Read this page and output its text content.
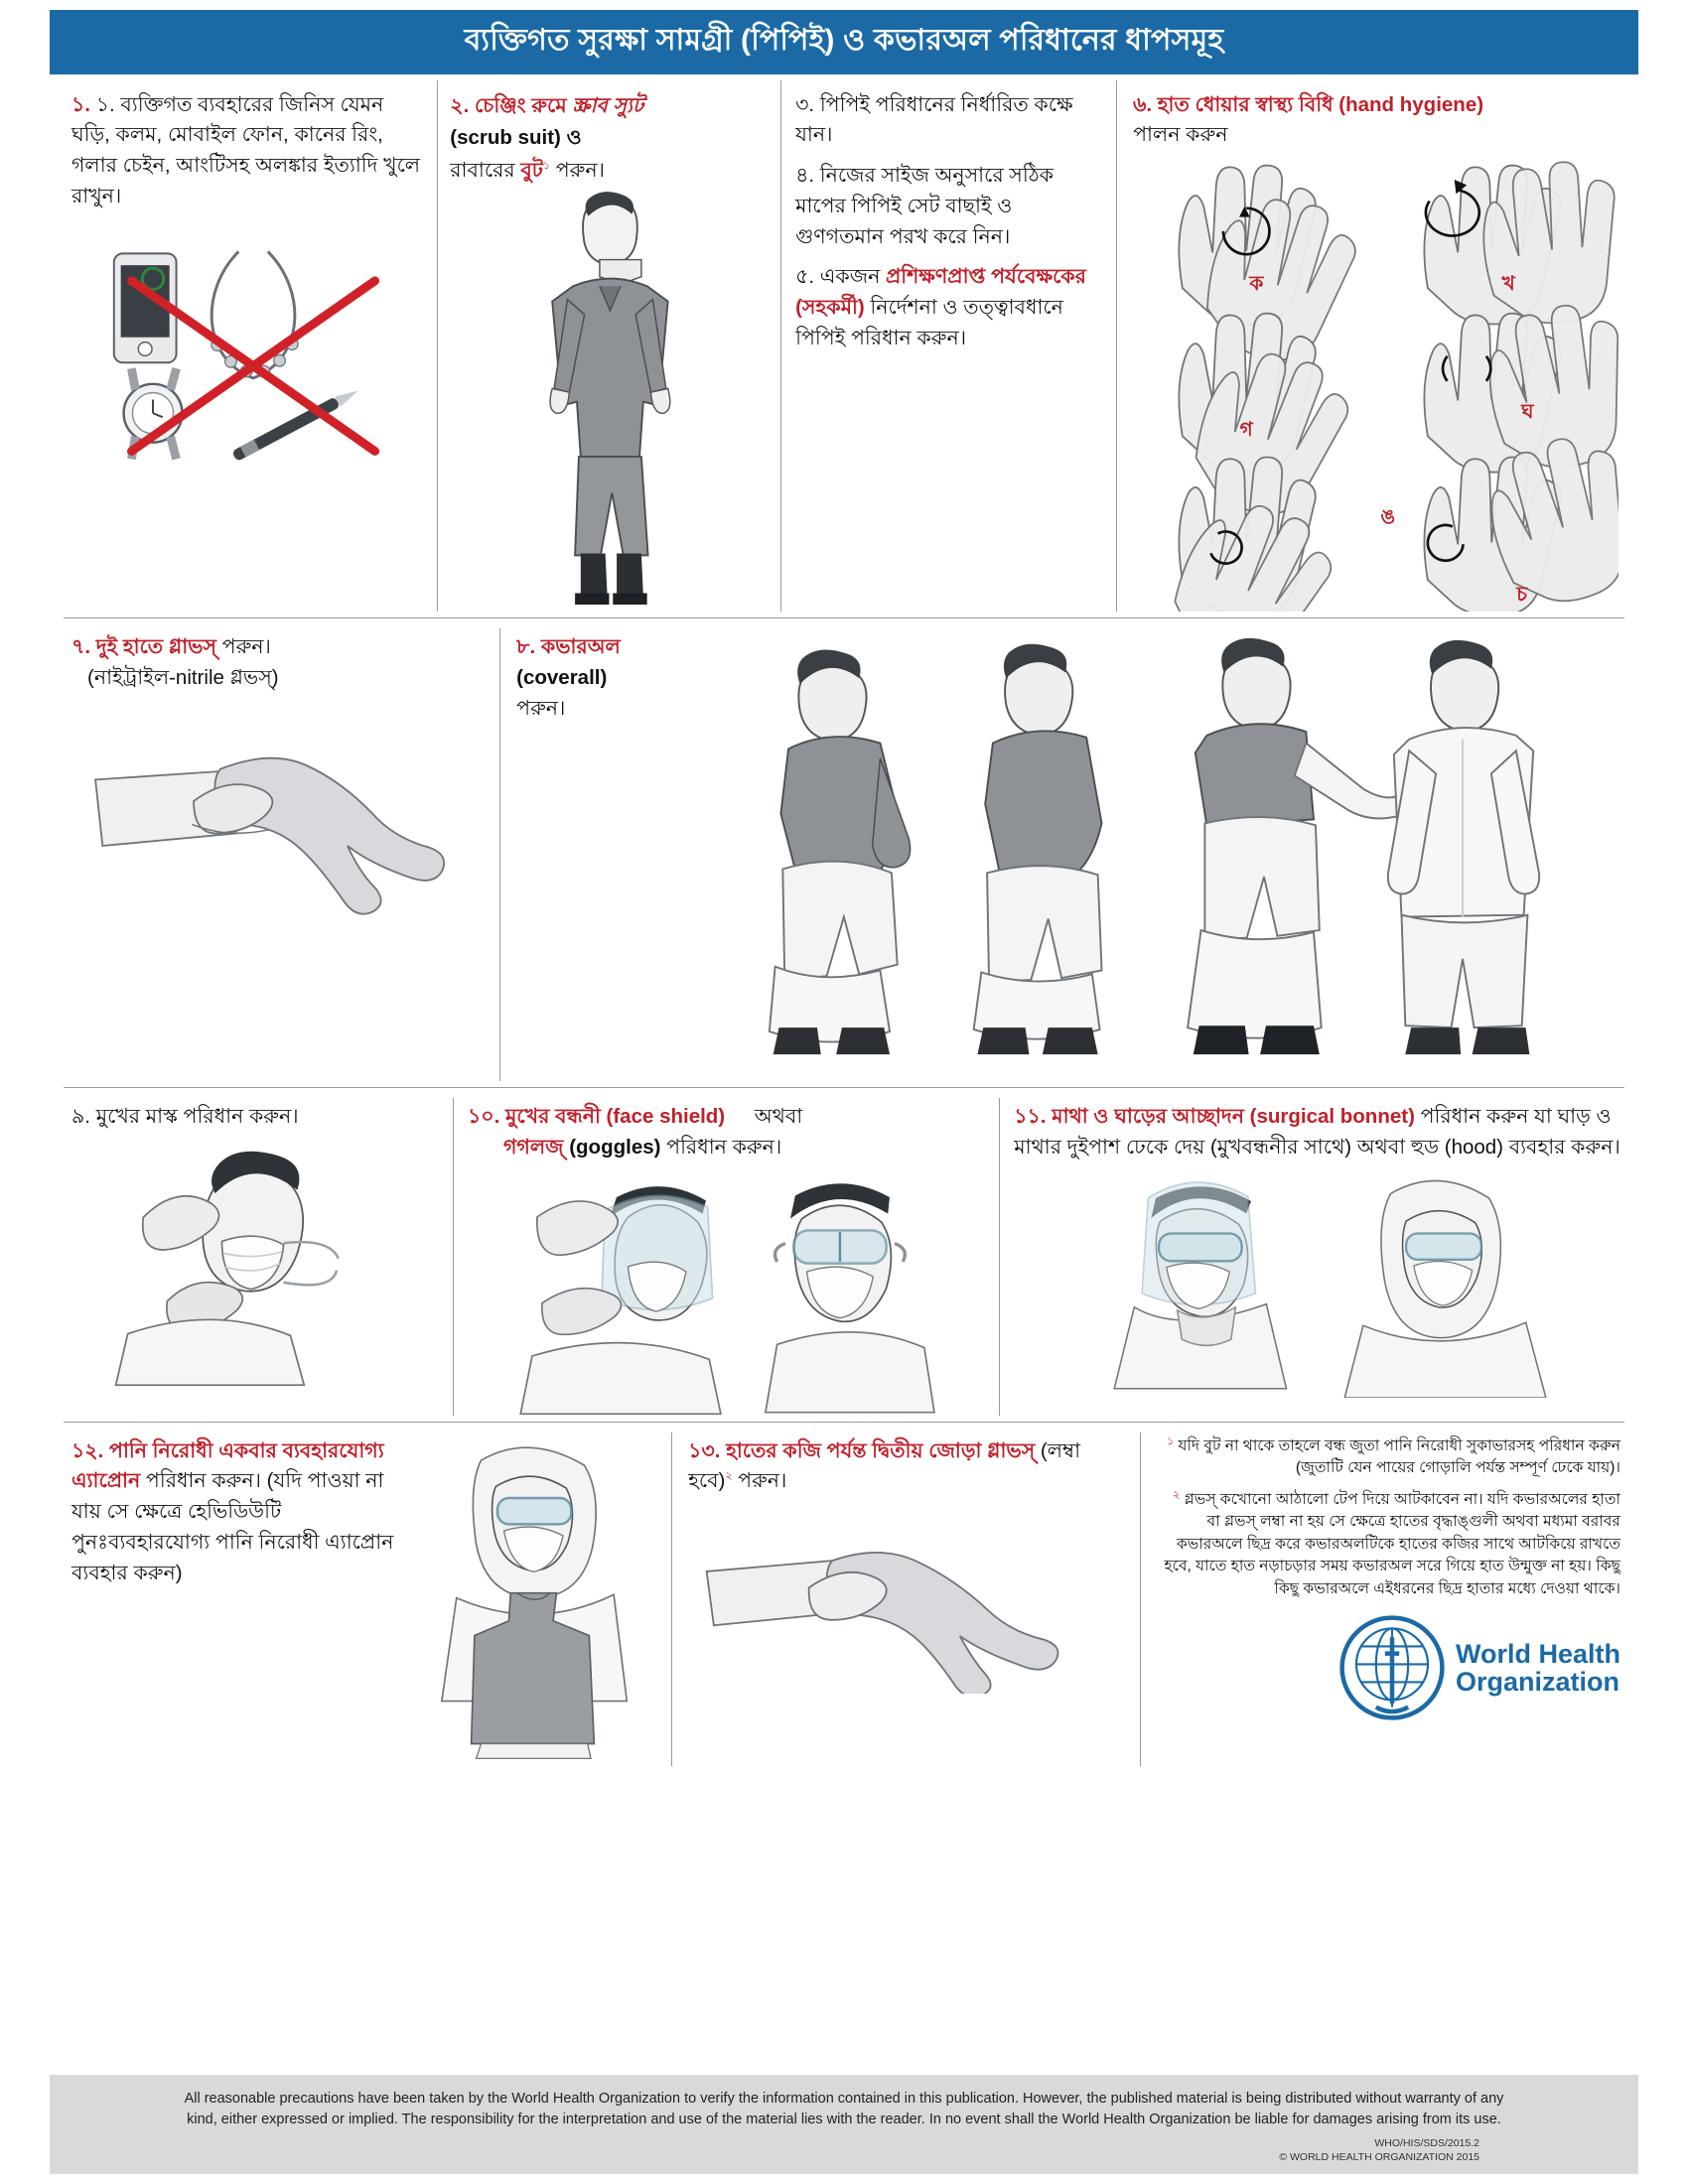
ব্যক্তিগত সুরক্ষা সামগ্রী (পিপিই) ও কভারঅল পরিধানের ধাপসমূহ
১. ১. ব্যক্তিগত ব্যবহারের জিনিস যেমন ঘড়ি, কলম, মোবাইল ফোন, কানের রিং, গলার চেইন, আংটিসহ অলঙ্কার ইত্যাদি খুলে রাখুন।
২. চেঞ্জিং রুমে স্ক্রাব স্যুট
(scrub suit) ও
রাবারের বুট$^১$ পরুন।
৩. পিপিই পরিধানের নির্ধারিত কক্ষে যান।
৪. নিজের সাইজ অনুসারে সঠিক মাপের পিপিই সেট বাছাই ও গুণগতমান পরখ করে নিন।
৫. একজন প্রশিক্ষণপ্রাপ্ত পর্যবেক্ষকের (সহকর্মী) নির্দেশনা ও তত্ত্বাবধানে পিপিই পরিধান করুন।
৬. হাত ধোয়ার স্বাস্থ্য বিধি (hand hygiene)
পালন করুন
ক	খ
গ
ঘ
ঙ
চ
৭. দুই হাতে গ্লাভস্ পরুন।
(নাইট্রাইল-nitrile গ্লভস্)
৮. কভারঅল
(coverall)
পরুন।
৯. মুখের মাস্ক পরিধান করুন।	১০. মুখের বন্ধনী (face shield) অথবা
গগলজ্ (goggles) পরিধান করুন।
১১. মাথা ও ঘাড়ের আচ্ছাদন (surgical bonnet) পরিধান করুন যা ঘাড় ও মাথার দুইপাশ ঢেকে দেয় (মুখবন্ধনীর সাথে) অথবা হুড (hood) ব্যবহার করুন।
১২. পানি নিরোধী একবার ব্যবহারযোগ্য এ্যাপ্রোন পরিধান করুন। (যদি পাওয়া না যায় সে ক্ষেত্রে হেভিডিউটি পুনঃব্যবহারযোগ্য পানি নিরোধী এ্যাপ্রোন ব্যবহার করুন)
১৩. হাতের কজি পর্যন্ত দ্বিতীয় জোড়া গ্লাভস্ (লম্বা হবে)$^২$ পরুন।
$^১$ যদি বুট না থাকে তাহলে বন্ধ জুতা পানি নিরোধী সুকাভারসহ পরিধান করুন (জুতাটি যেন পায়ের গোড়ালি পর্যন্ত সম্পূর্ণ ঢেকে যায়)।
$^২$ গ্লভস্ কখোনো আঠালো টেপ দিয়ে আটকাবেন না। যদি কভারঅলের হাতা বা গ্লভস্ লম্বা না হয় সে ক্ষেত্রে হাতের বৃদ্ধাঙ্গুলী অথবা মধ্যমা বরাবর কভারঅলে ছিদ্র করে কভারঅলটিকে হাতের কজির সাথে আটকিয়ে রাখতে হবে, যাতে হাত নড়াচড়ার সময় কভারঅল সরে গিয়ে হাত উন্মুক্ত না হয়। কিছু কিছু কভারঅলে এইধরনের ছিদ্র হাতার মধ্যে দেওয়া থাকে।
World Health
Organization
All reasonable precautions have been taken by the World Health Organization to verify the information contained in this publication. However, the published material is being distributed without warranty of any kind, either expressed or implied. The responsibility for the interpretation and use of the material lies with the reader. In no event shall the World Health Organization be liable for damages arising from its use.
WHO/HIS/SDS/2015.2
© WORLD HEALTH ORGANIZATION 2015
